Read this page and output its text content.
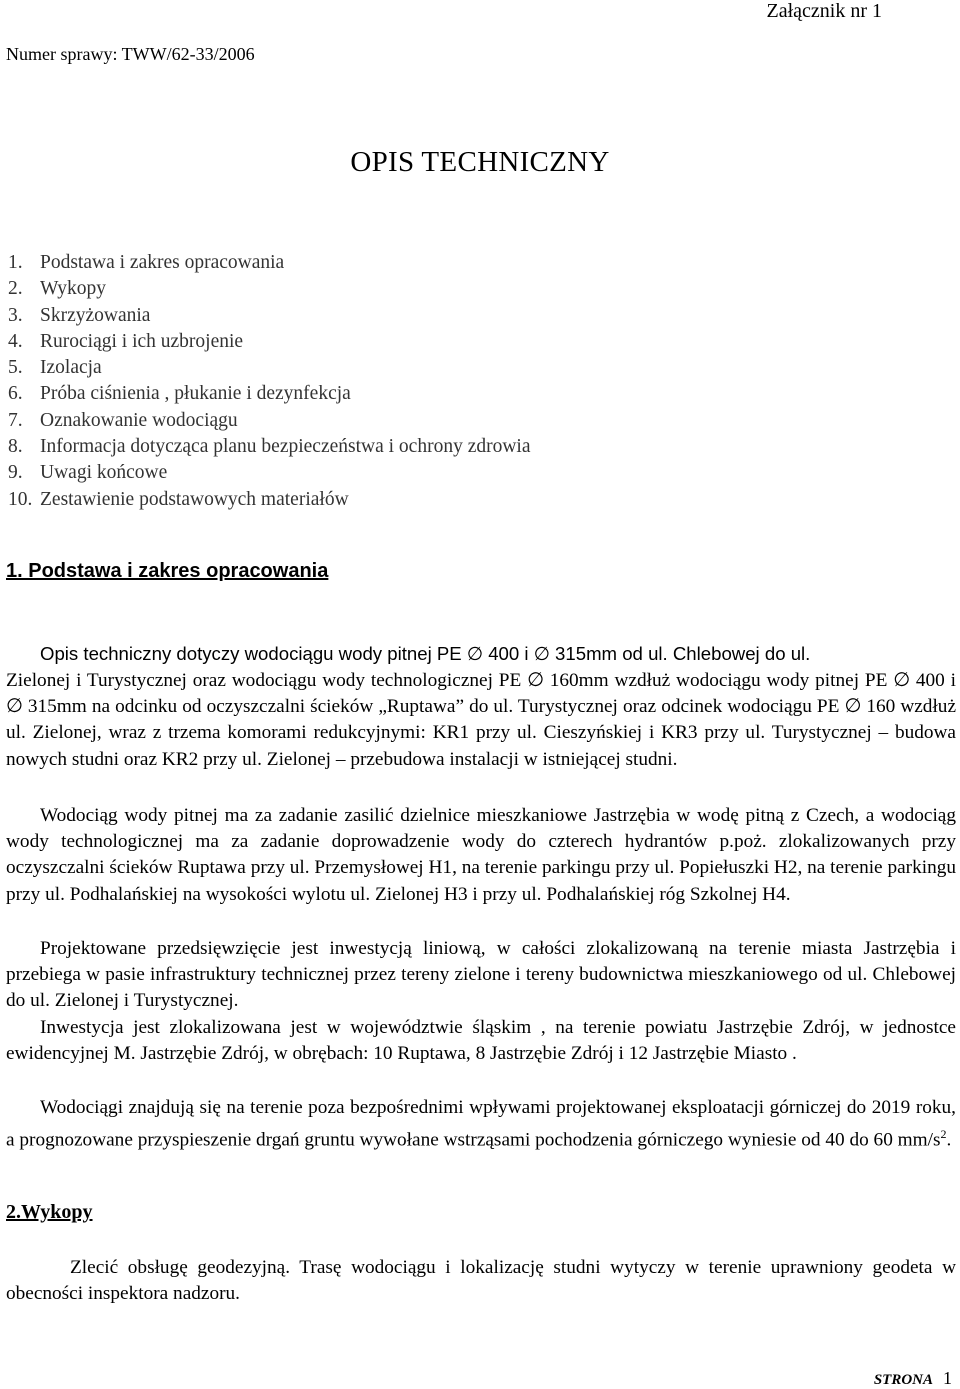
Załącznik nr 1
Numer sprawy: TWW/62-33/2006
OPIS TECHNICZNY
1. Podstawa i zakres opracowania
2. Wykopy
3. Skrzyżowania
4. Rurociągi i ich uzbrojenie
5. Izolacja
6. Próba ciśnienia , płukanie i dezynfekcja
7. Oznakowanie wodociągu
8. Informacja dotycząca planu bezpieczeństwa i ochrony zdrowia
9. Uwagi końcowe
10. Zestawienie podstawowych materiałów
1. Podstawa i zakres opracowania

Opis techniczny dotyczy wodociągu wody pitnej PE ∅ 400 i ∅ 315mm od ul. Chlebowej do ul.

Zielonej i Turystycznej oraz wodociągu wody technologicznej PE ∅ 160mm wzdłuż wodociągu wody pitnej PE ∅ 400 i ∅ 315mm na odcinku od oczyszczalni ścieków „Ruptawa” do ul. Turystycznej oraz odcinek wodociągu PE ∅ 160 wzdłuż ul. Zielonej, wraz z trzema komorami redukcyjnymi: KR1 przy ul. Cieszyńskiej i KR3 przy ul. Turystycznej – budowa nowych studni oraz KR2 przy ul. Zielonej – przebudowa instalacji w istniejącej studni.

Wodociąg wody pitnej ma za zadanie zasilić dzielnice mieszkaniowe Jastrzębia w wodę pitną z Czech, a wodociąg wody technologicznej ma za zadanie doprowadzenie wody do czterech hydrantów p.poż. zlokalizowanych przy oczyszczalni ścieków Ruptawa przy ul. Przemysłowej H1, na terenie parkingu przy ul. Popiełuszki H2, na terenie parkingu przy ul. Podhalańskiej na wysokości wylotu ul. Zielonej H3 i przy ul. Podhalańskiej róg Szkolnej H4.

Projektowane przedsięwzięcie jest inwestycją liniową, w całości zlokalizowaną na terenie miasta Jastrzębia i przebiega w pasie infrastruktury technicznej przez tereny zielone i tereny budownictwa mieszkaniowego od ul. Chlebowej do ul. Zielonej i Turystycznej.

Inwestycja jest zlokalizowana jest w województwie śląskim , na terenie powiatu Jastrzębie Zdrój, w jednostce ewidencyjnej M. Jastrzębie Zdrój, w obrębach: 10 Ruptawa, 8 Jastrzębie Zdrój i 12 Jastrzębie Miasto .

Wodociągi znajdują się na terenie poza bezpośrednimi wpływami projektowanej eksploatacji górniczej do 2019 roku, a prognozowane przyspieszenie drgań gruntu wywołane wstrząsami pochodzenia górniczego wyniesie od 40 do 60 $mm/s^2$.

2.Wykopy

Zlecić obsługę geodezyjną. Trasę wodociągu i lokalizację studni wytyczy w terenie uprawniony geodeta w obecności inspektora nadzoru.

STRONA 1
